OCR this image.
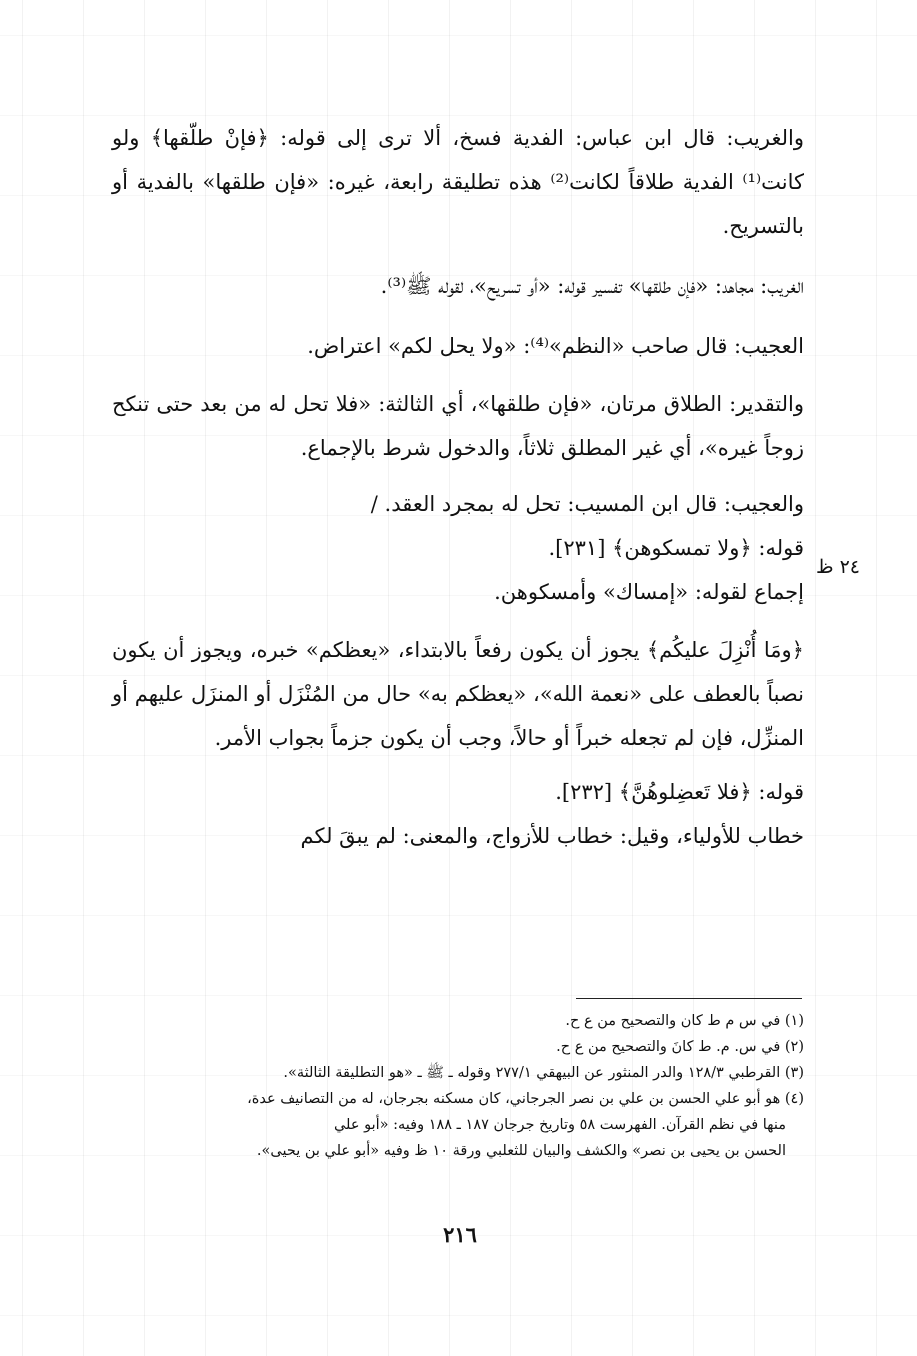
والغريب: قال ابن عباس: الفدية فسخ، ألا ترى إلى قوله: ﴿فإنْ طلّقها﴾ ولو كانت⁽¹⁾ الفدية طلاقاً لكانت⁽²⁾ هذه تطليقة رابعة، غيره: «فإن طلقها» بالفدية أو بالتسريح.

الغريب: مجاهد: «فإن طلقها» تفسير قوله: «أو تسريح»، لقوله ﷺ⁽³⁾.

العجيب: قال صاحب «النظم»⁽⁴⁾: «ولا يحل لكم» اعتراض.

والتقدير: الطلاق مرتان، «فإن طلقها»، أي الثالثة: «فلا تحل له من بعد حتى تنكح زوجاً غيره»، أي غير المطلق ثلاثاً، والدخول شرط بالإجماع.

والعجيب: قال ابن المسيب: تحل له بمجرد العقد. /

قوله: ﴿ولا تمسكوهن﴾ [٢٣١].

إجماع لقوله: «إمساك» وأمسكوهن.

﴿ومَا أُنْزِلَ عليكُم﴾ يجوز أن يكون رفعاً بالابتداء، «يعظكم» خبره، ويجوز أن يكون نصباً بالعطف على «نعمة الله»، «يعظكم به» حال من المُنْزَل أو المنزَل عليهم أو المنزِّل، فإن لم تجعله خبراً أو حالاً، وجب أن يكون جزماً بجواب الأمر.

قوله: ﴿فلا تَعضِلوهُنَّ﴾ [٢٣٢].

خطاب للأولياء، وقيل: خطاب للأزواج، والمعنى: لم يبقَ لكم

٢٤ ظ

(١) في س م ط كان والتصحيح من ع ح.

(٢) في س. م. ط كانَ والتصحيح من ع ح.

(٣) القرطبي ١٢٨/٣ والدر المنثور عن البيهقي ٢٧٧/١ وقوله ـ ﷺ ـ «هو التطليقة الثالثة».

(٤) هو أبو علي الحسن بن علي بن نصر الجرجاني، كان مسكنه بجرجان، له من التصانيف عدة،

منها في نظم القرآن. الفهرست ٥٨ وتاريخ جرجان ١٨٧ ـ ١٨٨ وفيه: «أبو علي

الحسن بن يحيى بن نصر» والكشف والبيان للثعلبي ورقة ١٠ ظ وفيه «أبو علي بن يحيى».

٢١٦
